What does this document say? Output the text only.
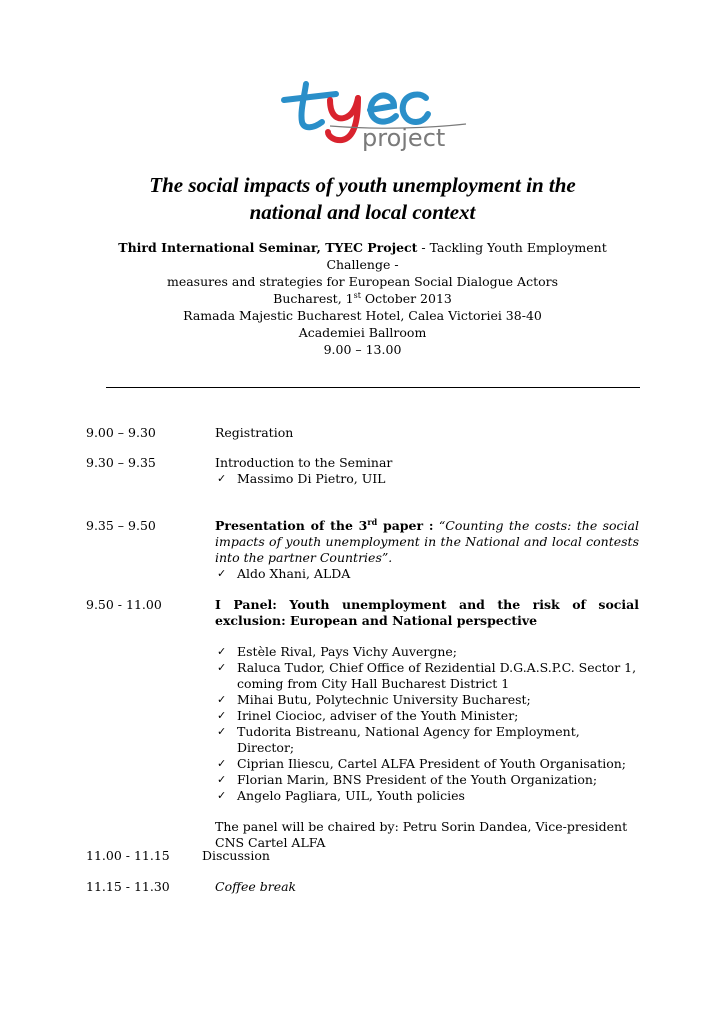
project
The social impacts of youth unemployment in the
national and local context
Third International Seminar, TYEC Project - Tackling Youth Employment Challenge -
measures and strategies for European Social Dialogue Actors
Bucharest, 1st October 2013
Ramada Majestic Bucharest Hotel, Calea Victoriei 38-40
Academiei Ballroom
9.00 – 13.00
9.00 – 9.30	Registration
9.30 – 9.35	Introduction to the Seminar
✓ Massimo Di Pietro, UIL
9.35 – 9.50	Presentation of the 3rd paper : “Counting the costs: the social impacts of youth unemployment in the National and local contests into the partner Countries”.
✓ Aldo Xhani, ALDA
9.50 - 11.00	I Panel: Youth unemployment and the risk of social exclusion: European and National perspective
✓ Estèle Rival, Pays Vichy Auvergne;
✓ Raluca Tudor, Chief Office of Rezidential D.G.A.S.P.C. Sector 1, coming from City Hall Bucharest District 1
✓ Mihai Butu, Polytechnic University Bucharest;
✓ Irinel Ciocioc, adviser of the Youth Minister;
✓ Tudorita Bistreanu, National Agency for Employment, Director;
✓ Ciprian Iliescu, Cartel ALFA President of Youth Organisation;
✓ Florian Marin, BNS President of the Youth Organization;
✓ Angelo Pagliara, UIL, Youth policies
The panel will be chaired by: Petru Sorin Dandea, Vice-president CNS Cartel ALFA
11.00 - 11.15	Discussion
11.15 - 11.30	Coffee break
